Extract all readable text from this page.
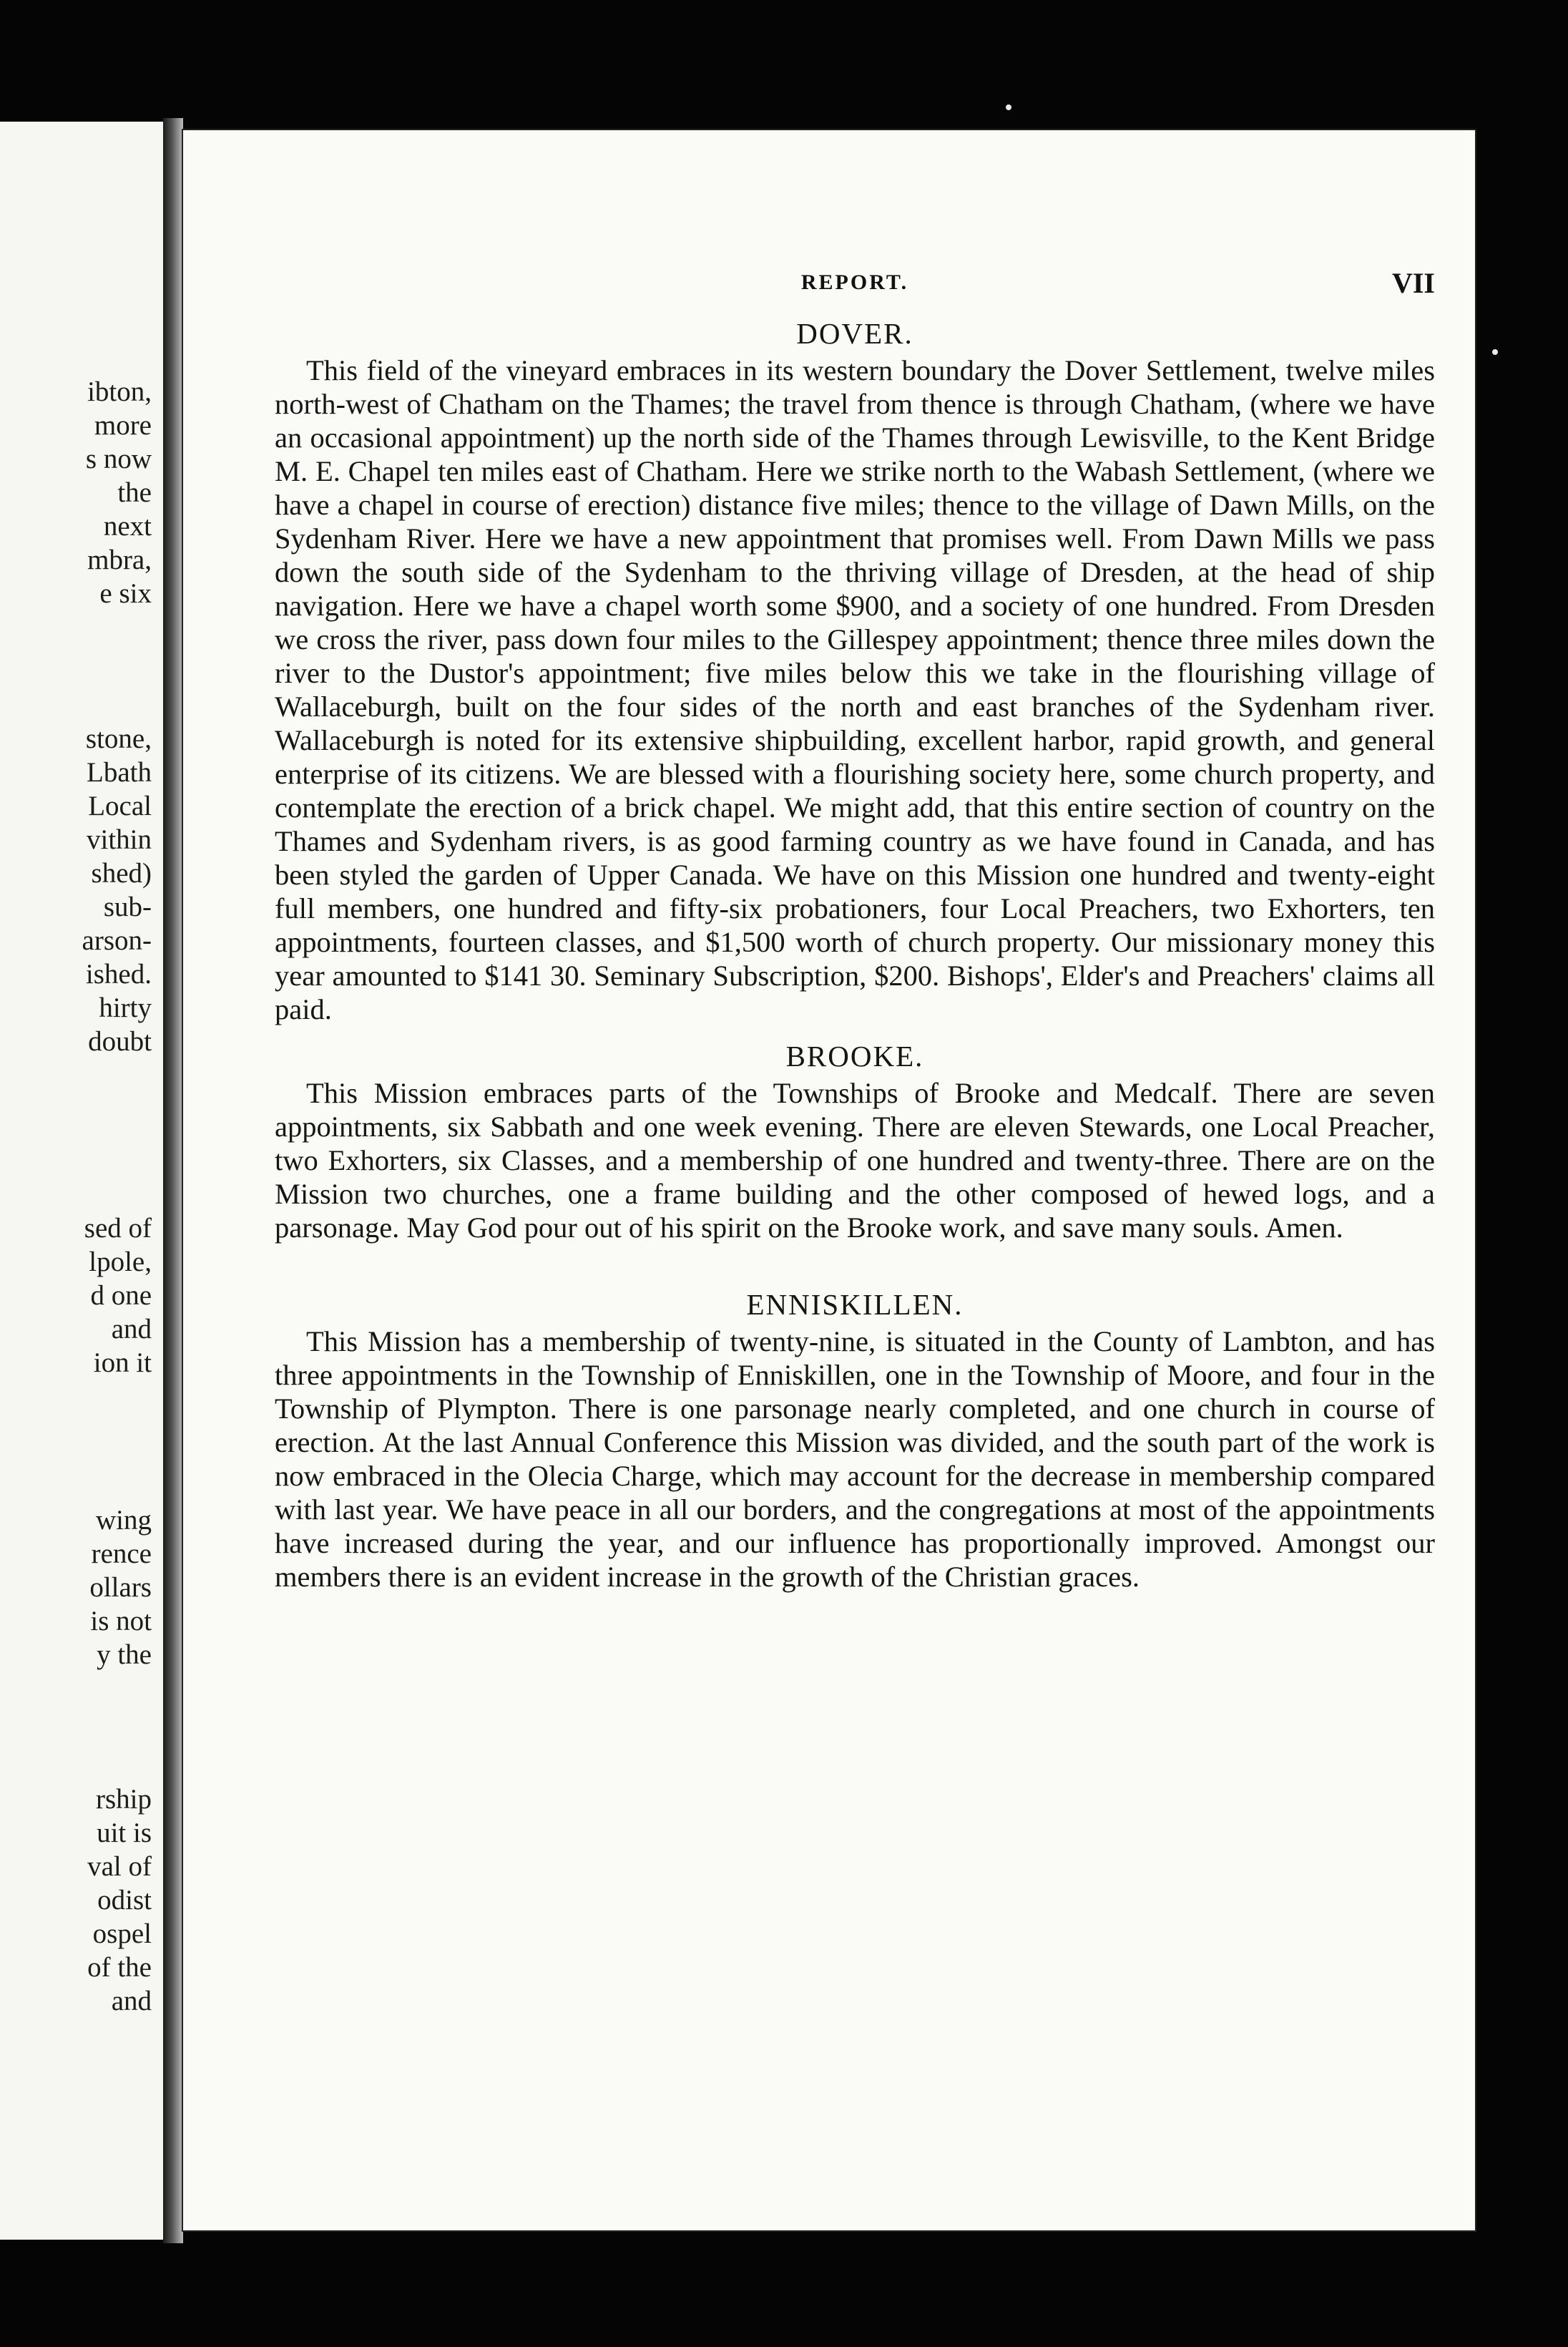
ibton,
more
s now
the
next
mbra,
e six
stone,
Lbath
Local
vithin
shed)
sub-
arson-
ished.
hirty
doubt
sed of
lpole,
d one
and
ion it
wing
rence
ollars
is not
y the
rship
uit is
val of
odist
ospel
of the
and
REPORT.	VII
DOVER.

This field of the vineyard embraces in its western boundary the Dover Settlement, twelve miles north-west of Chatham on the Thames; the travel from thence is through Chatham, (where we have an occasional appointment) up the north side of the Thames through Lewisville, to the Kent Bridge M. E. Chapel ten miles east of Chatham. Here we strike north to the Wabash Settlement, (where we have a chapel in course of erection) distance five miles; thence to the village of Dawn Mills, on the Sydenham River. Here we have a new appointment that promises well. From Dawn Mills we pass down the south side of the Sydenham to the thriving village of Dresden, at the head of ship navigation. Here we have a chapel worth some $900, and a society of one hundred. From Dresden we cross the river, pass down four miles to the Gillespey appointment; thence three miles down the river to the Dustor's appointment; five miles below this we take in the flourishing village of Wallaceburgh, built on the four sides of the north and east branches of the Sydenham river. Wallaceburgh is noted for its extensive shipbuilding, excellent harbor, rapid growth, and general enterprise of its citizens. We are blessed with a flourishing society here, some church property, and contemplate the erection of a brick chapel. We might add, that this entire section of country on the Thames and Sydenham rivers, is as good farming country as we have found in Canada, and has been styled the garden of Upper Canada. We have on this Mission one hundred and twenty-eight full members, one hundred and fifty-six probationers, four Local Preachers, two Exhorters, ten appointments, fourteen classes, and $1,500 worth of church property. Our missionary money this year amounted to $141 30. Seminary Subscription, $200. Bishops', Elder's and Preachers' claims all paid.

BROOKE.

This Mission embraces parts of the Townships of Brooke and Medcalf. There are seven appointments, six Sabbath and one week evening. There are eleven Stewards, one Local Preacher, two Exhorters, six Classes, and a membership of one hundred and twenty-three. There are on the Mission two churches, one a frame building and the other composed of hewed logs, and a parsonage. May God pour out of his spirit on the Brooke work, and save many souls. Amen.

ENNISKILLEN.

This Mission has a membership of twenty-nine, is situated in the County of Lambton, and has three appointments in the Township of Enniskillen, one in the Township of Moore, and four in the Township of Plympton. There is one parsonage nearly completed, and one church in course of erection. At the last Annual Conference this Mission was divided, and the south part of the work is now embraced in the Olecia Charge, which may account for the decrease in membership compared with last year. We have peace in all our borders, and the congregations at most of the appointments have increased during the year, and our influence has proportionally improved. Amongst our members there is an evident increase in the growth of the Christian graces.
